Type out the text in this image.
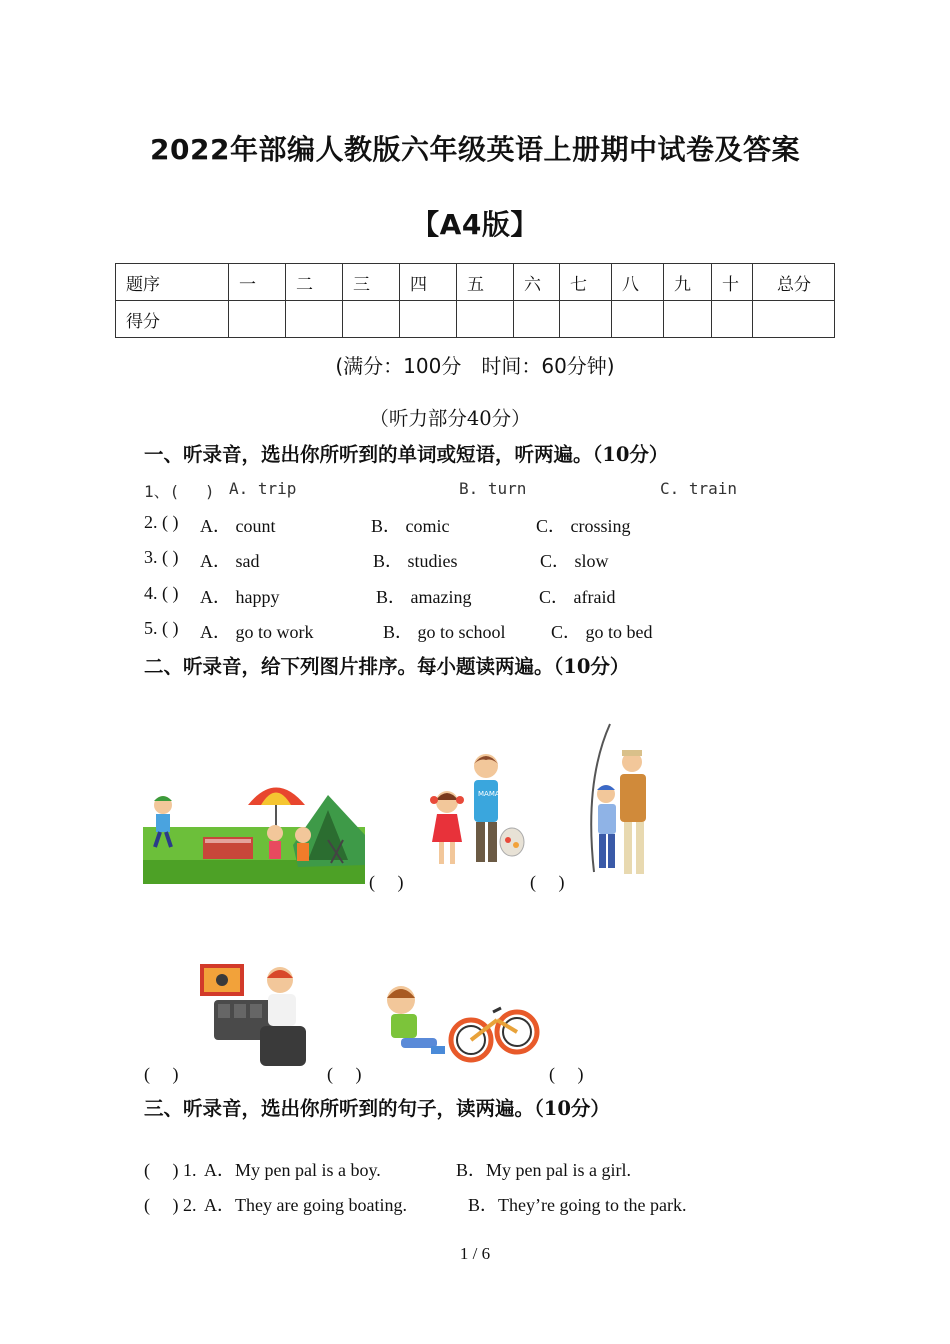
2022年部编人教版六年级英语上册期中试卷及答案
【A4版】
题序	一	二	三	四	五	六	七	八	九	十	总分
得分											
(满分：100分　时间：60分钟)
（听力部分40分）
一、听录音，选出你所听到的单词或短语，听两遍。（10分）
1、(　 ) A. trip	B. turn	C. train
2. ( ) A． count	B． comic	C． crossing
3. ( ) A． sad	B． studies	C． slow
4. ( ) A． happy	B． amazing	C． afraid
5. ( ) A． go to work	B． go to school	C． go to bed
二、听录音，给下列图片排序。每小题读两遍。（10分）
(　 )
MAMA
(　 )
(　 )	(　 )	(　 )
三、听录音，选出你所听到的句子，读两遍。（10分）
(　 ) 1. A．My pen pal is a boy.	B．My pen pal is a girl.
(　 ) 2. A．They are going boating.	B．They’re going to the park.
1 / 6
